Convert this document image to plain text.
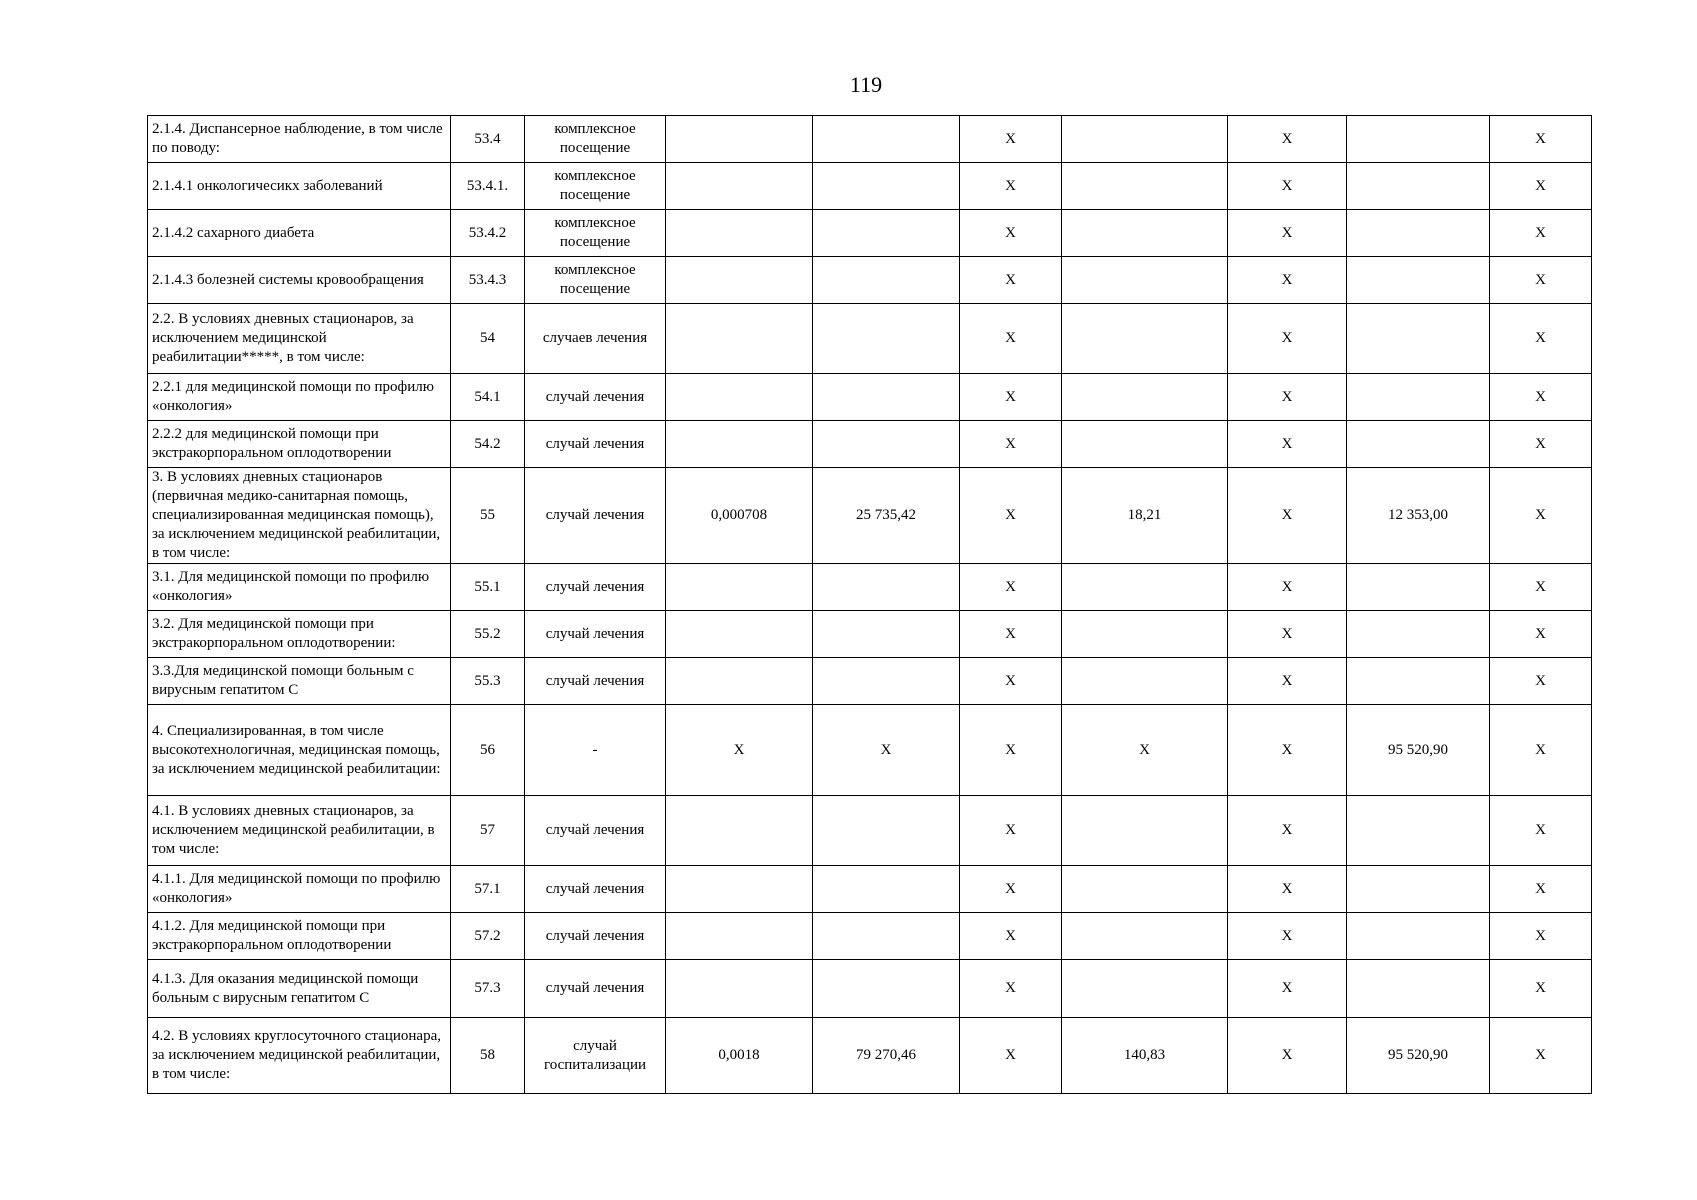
119
2.1.4. Диспансерное наблюдение, в том числе по поводу:	53.4	комплексное посещение			X		X		X
2.1.4.1 онкологичесикх заболеваний	53.4.1.	комплексное посещение			X		X		X
2.1.4.2 сахарного диабета	53.4.2	комплексное посещение			X		X		X
2.1.4.3 болезней системы кровообращения	53.4.3	комплексное посещение			X		X		X
2.2. В условиях дневных стационаров, за исключением медицинской реабилитации*****, в том числе:	54	случаев лечения			X		X		X
2.2.1 для медицинской помощи по профилю «онкология»	54.1	случай лечения			X		X		X
2.2.2 для медицинской помощи при экстракорпоральном оплодотворении	54.2	случай лечения			X		X		X
3. В условиях дневных стационаров (первичная медико-санитарная помощь, специализированная медицинская помощь), за исключением медицинской реабилитации, в том числе:	55	случай лечения	0,000708	25 735,42	X	18,21	X	12 353,00	X
3.1. Для медицинской помощи по профилю «онкология»	55.1	случай лечения			X		X		X
3.2. Для медицинской помощи при экстракорпоральном оплодотворении:	55.2	случай лечения			X		X		X
3.3.Для медицинской помощи больным с вирусным гепатитом С	55.3	случай лечения			X		X		X
4. Специализированная, в том числе высокотехнологичная, медицинская помощь, за исключением медицинской реабилитации:	56	-	X	X	X	X	X	95 520,90	X
4.1. В условиях дневных стационаров, за исключением медицинской реабилитации, в том числе:	57	случай лечения			X		X		X
4.1.1. Для медицинской помощи по профилю «онкология»	57.1	случай лечения			X		X		X
4.1.2. Для медицинской помощи при экстракорпоральном оплодотворении	57.2	случай лечения			X		X		X
4.1.3. Для оказания медицинской помощи больным с вирусным гепатитом С	57.3	случай лечения			X		X		X
4.2. В условиях круглосуточного стационара, за исключением медицинской реабилитации, в том числе:	58	случай госпитализации	0,0018	79 270,46	X	140,83	X	95 520,90	X
